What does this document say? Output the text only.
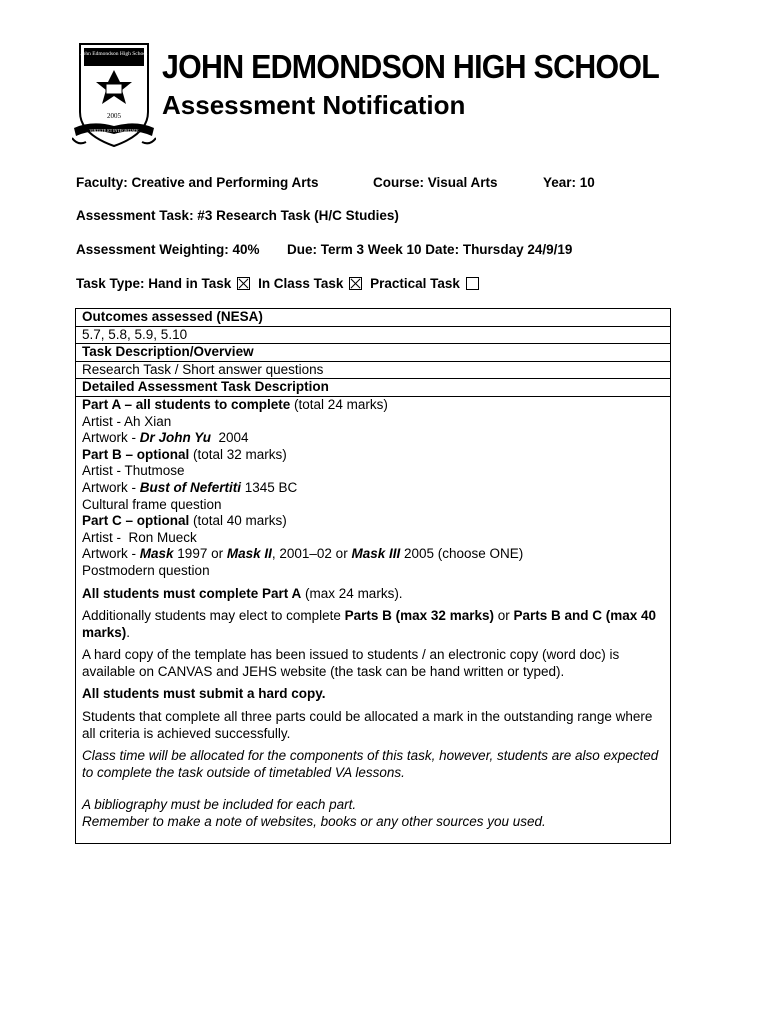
John Edmondson High School
2005
VIRTUTE ET INTEGRITATE
JOHN EDMONDSON HIGH SCHOOL
Assessment Notification
Faculty: Creative and Performing Arts	Course: Visual Arts	Year: 10
Assessment Task: #3 Research Task (H/C Studies)
Assessment Weighting: 40% Due: Term 3 Week 10 Date: Thursday 24/9/19
Task Type: Hand in Task In Class Task Practical Task
Outcomes assessed (NESA)
5.7, 5.8, 5.9, 5.10
Task Description/Overview
Research Task / Short answer questions
Detailed Assessment Task Description
Part A – all students to complete (total 24 marks)
Artist - Ah Xian
Artwork - Dr John Yu  2004
Part B – optional (total 32 marks)
Artist - Thutmose
Artwork - Bust of Nefertiti 1345 BC
Cultural frame question
Part C – optional (total 40 marks)
Artist -  Ron Mueck
Artwork - Mask 1997 or Mask II, 2001–02 or Mask III 2005 (choose ONE)
Postmodern question
All students must complete Part A (max 24 marks).
Additionally students may elect to complete Parts B (max 32 marks) or Parts B and C (max 40 marks).
A hard copy of the template has been issued to students / an electronic copy (word doc) is available on CANVAS and JEHS website (the task can be hand written or typed).
All students must submit a hard copy.
Students that complete all three parts could be allocated a mark in the outstanding range where all criteria is achieved successfully.
Class time will be allocated for the components of this task, however, students are also expected to complete the task outside of timetabled VA lessons.
A bibliography must be included for each part.
Remember to make a note of websites, books or any other sources you used.
